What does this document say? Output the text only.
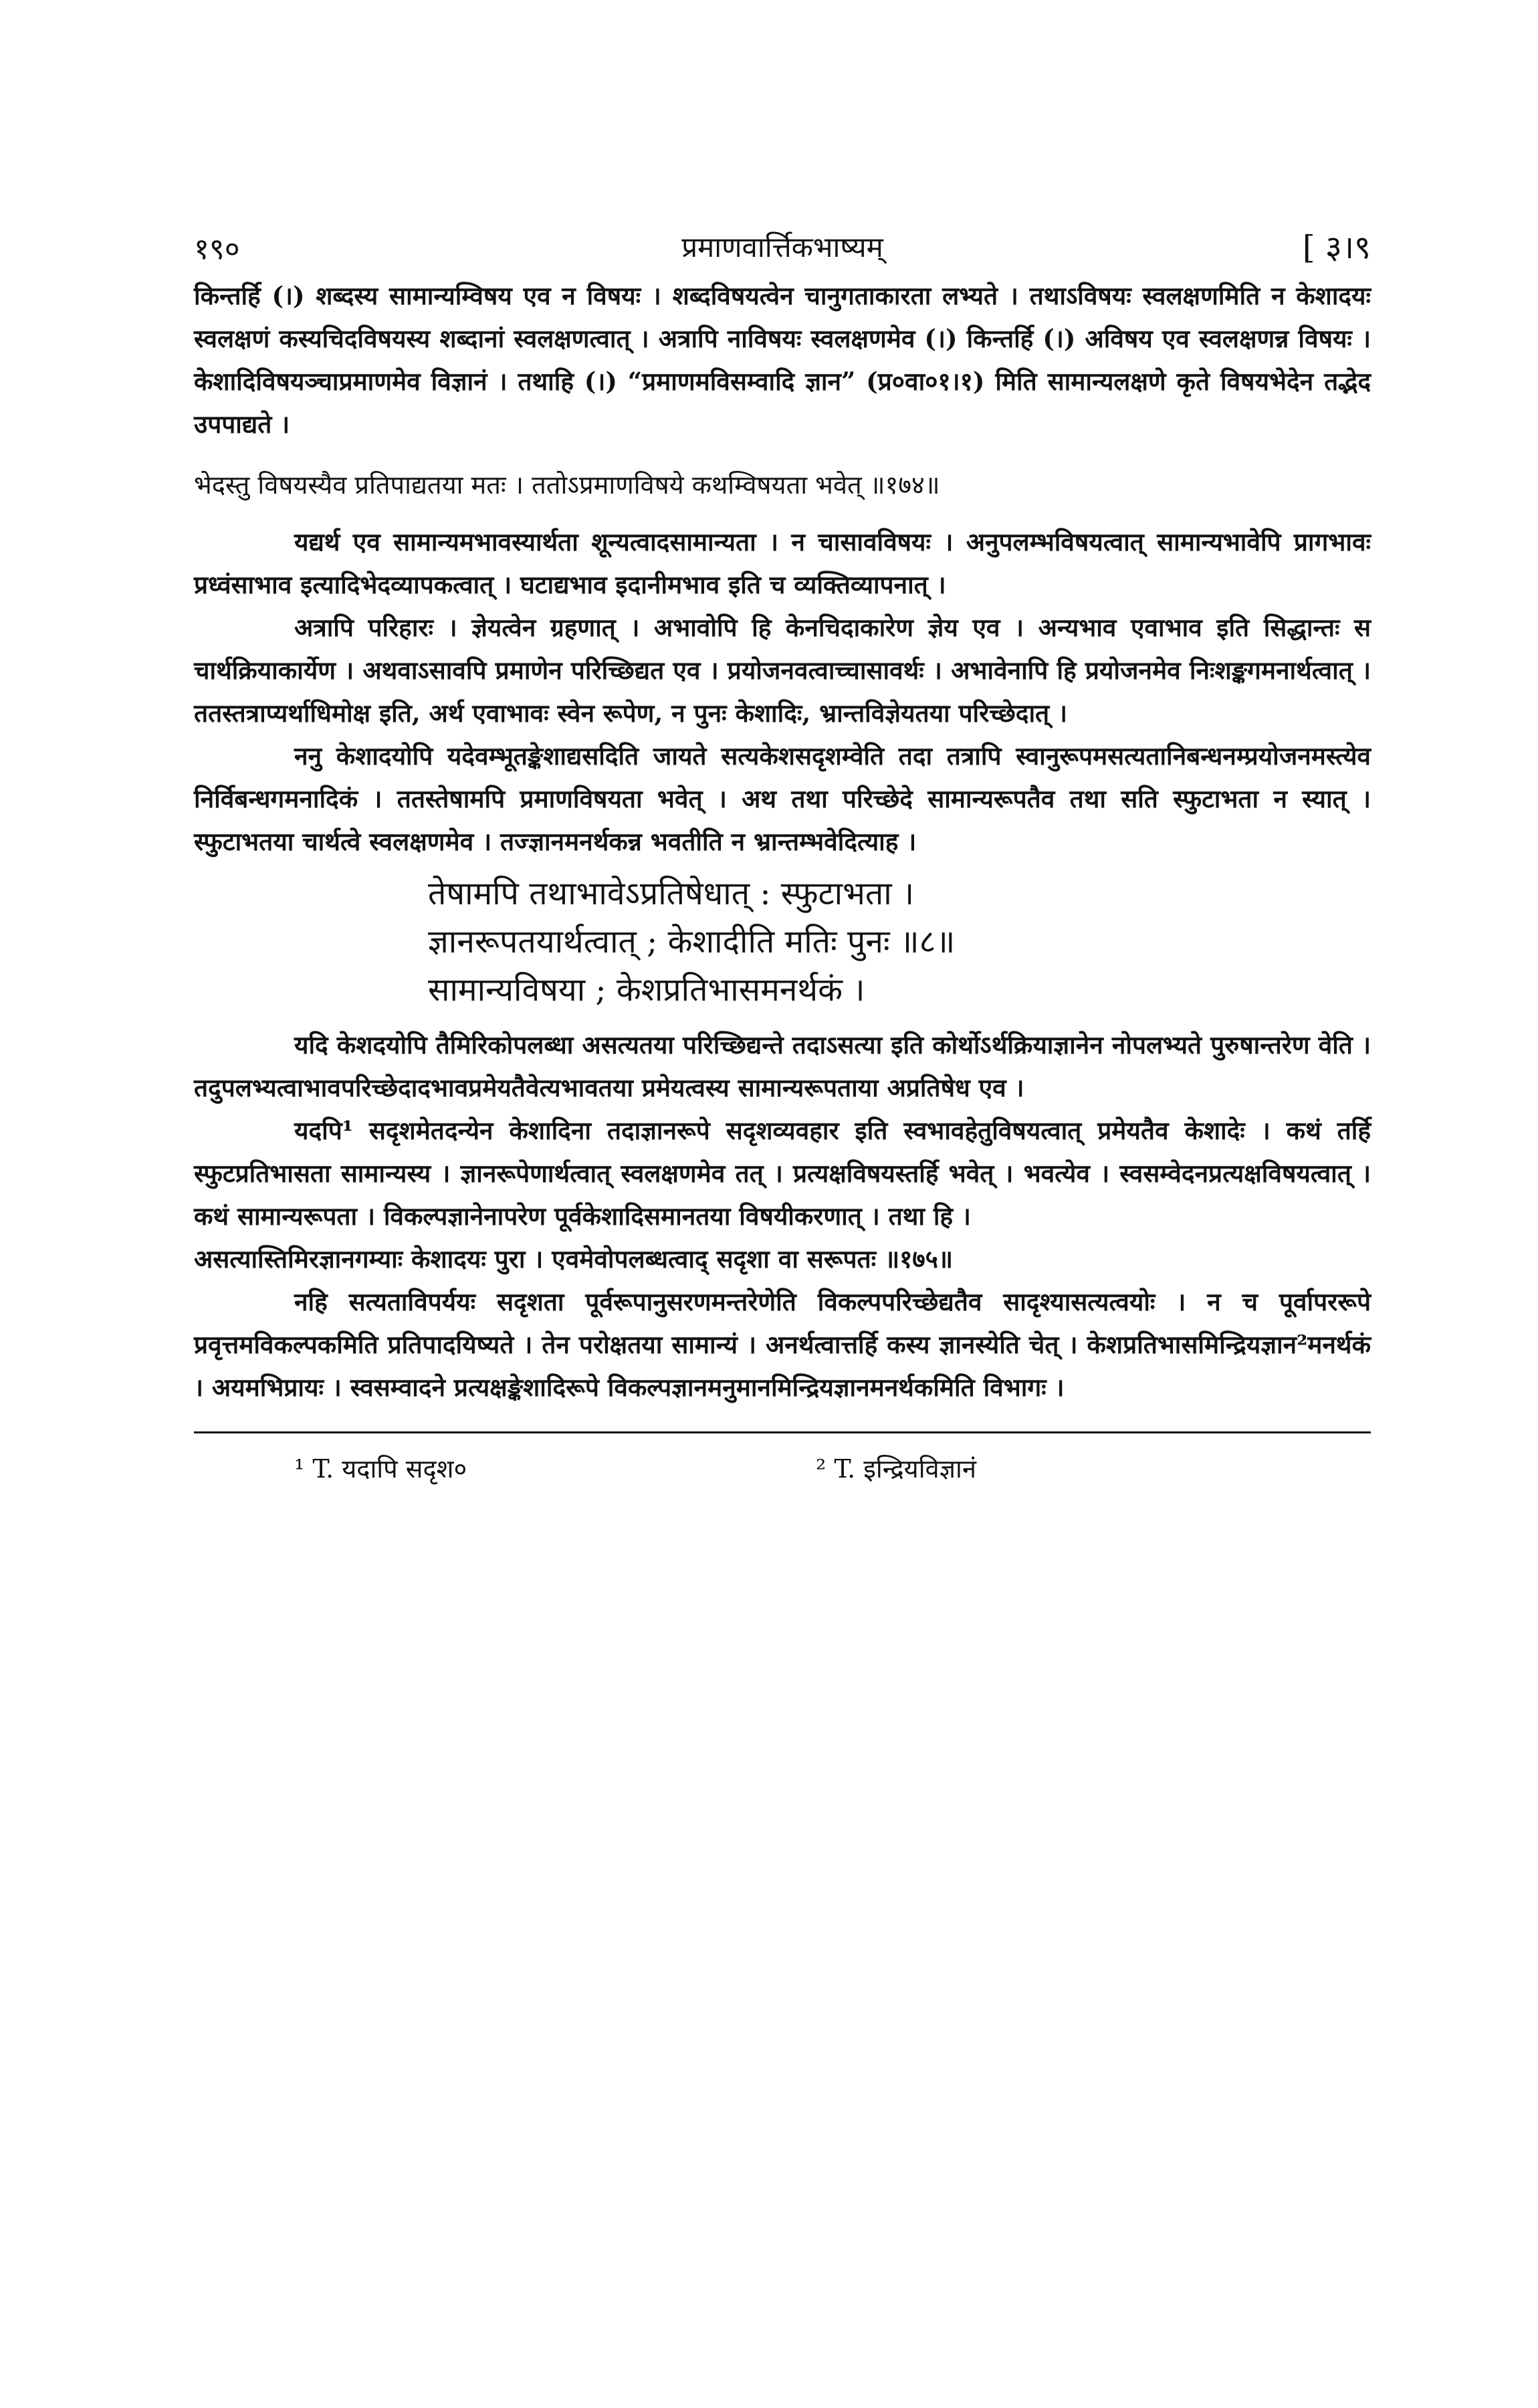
१९०	प्रमाणवार्त्तिकभाष्यम्	[ ३।९

किन्तर्हि (।) शब्दस्य सामान्यम्विषय एव न विषयः । शब्दविषयत्वेन चानुगताकारता लभ्यते । तथाऽविषयः स्वलक्षणमिति न केशादयः स्वलक्षणं कस्यचिदविषयस्य शब्दानां स्वलक्षणत्वात् । अत्रापि नाविषयः स्वलक्षणमेव (।) किन्तर्हि (।) अविषय एव स्वलक्षणन्न विषयः । केशादिविषयञ्चाप्रमाणमेव विज्ञानं । तथाहि (।) “प्रमाणमविसम्वादि ज्ञान” (प्र०वा०१।१) मिति सामान्यलक्षणे कृते विषयभेदेन तद्भेद उपपाद्यते ।

भेदस्तु विषयस्यैव प्रतिपाद्यतया मतः । ततोऽप्रमाणविषये कथम्विषयता भवेत् ॥१७४॥

यद्यर्थ एव सामान्यमभावस्यार्थता शून्यत्वादसामान्यता । न चासावविषयः । अनुपलम्भविषयत्वात् सामान्यभावेपि प्रागभावः प्रध्वंसाभाव इत्यादिभेदव्यापकत्वात् । घटाद्यभाव इदानीमभाव इति च व्यक्तिव्यापनात् ।

अत्रापि परिहारः । ज्ञेयत्वेन ग्रहणात् । अभावोपि हि केनचिदाकारेण ज्ञेय एव । अन्यभाव एवाभाव इति सिद्धान्तः स चार्थक्रियाकार्येण । अथवाऽसावपि प्रमाणेन परिच्छिद्यत एव । प्रयोजनवत्वाच्चासावर्थः । अभावेनापि हि प्रयोजनमेव निःशङ्कगमनार्थत्वात् । ततस्तत्राप्यर्थाधिमोक्ष इति, अर्थ एवाभावः स्वेन रूपेण, न पुनः केशादिः, भ्रान्तविज्ञेयतया परिच्छेदात् ।

ननु केशादयोपि यदेवम्भूतङ्केशाद्यसदिति जायते सत्यकेशसदृशम्वेति तदा तत्रापि स्वानुरूपमसत्यतानिबन्धनम्प्रयोजनमस्त्येव निर्विबन्धगमनादिकं । ततस्तेषामपि प्रमाणविषयता भवेत् । अथ तथा परिच्छेदे सामान्यरूपतैव तथा सति स्फुटाभता न स्यात् । स्फुटाभतया चार्थत्वे स्वलक्षणमेव । तज्ज्ञानमनर्थकन्न भवतीति न भ्रान्तम्भवेदित्याह ।

तेषामपि तथाभावेऽप्रतिषेधात् : स्फुटाभता ।
ज्ञानरूपतयार्थत्वात् ; केशादीति मतिः पुनः ॥८॥
सामान्यविषया ; केशप्रतिभासमनर्थकं ।

यदि केशदयोपि तैमिरिकोपलब्धा असत्यतया परिच्छिद्यन्ते तदाऽसत्या इति कोर्थोऽर्थक्रियाज्ञानेन नोपलभ्यते पुरुषान्तरेण वेति । तदुपलभ्यत्वाभावपरिच्छेदादभावप्रमेयतैवेत्यभावतया प्रमेयत्वस्य सामान्यरूपताया अप्रतिषेध एव ।

यदपि¹ सदृशमेतदन्येन केशादिना तदाज्ञानरूपे सदृशव्यवहार इति स्वभावहेतुविषयत्वात् प्रमेयतैव केशादेः । कथं तर्हि स्फुटप्रतिभासता सामान्यस्य । ज्ञानरूपेणार्थत्वात् स्वलक्षणमेव तत् । प्रत्यक्षविषयस्तर्हि भवेत् । भवत्येव । स्वसम्वेदनप्रत्यक्षविषयत्वात् । कथं सामान्यरूपता । विकल्पज्ञानेनापरेण पूर्वकेशादिसमानतया विषयीकरणात् । तथा हि ।

असत्यास्तिमिरज्ञानगम्याः केशादयः पुरा । एवमेवोपलब्धत्वाद् सदृशा वा सरूपतः ॥१७५॥

नहि सत्यताविपर्ययः सदृशता पूर्वरूपानुसरणमन्तरेणेति विकल्पपरिच्छेद्यतैव सादृश्यासत्यत्वयोः । न च पूर्वापररूपे प्रवृत्तमविकल्पकमिति प्रतिपादयिष्यते । तेन परोक्षतया सामान्यं । अनर्थत्वात्तर्हि कस्य ज्ञानस्येति चेत् । केशप्रतिभासमिन्द्रियज्ञान²मनर्थकं । अयमभिप्रायः । स्वसम्वादने प्रत्यक्षङ्केशादिरूपे विकल्पज्ञानमनुमानमिन्द्रियज्ञानमनर्थकमिति विभागः ।

¹ T. यदापि सदृश०	² T. इन्द्रियविज्ञानं
